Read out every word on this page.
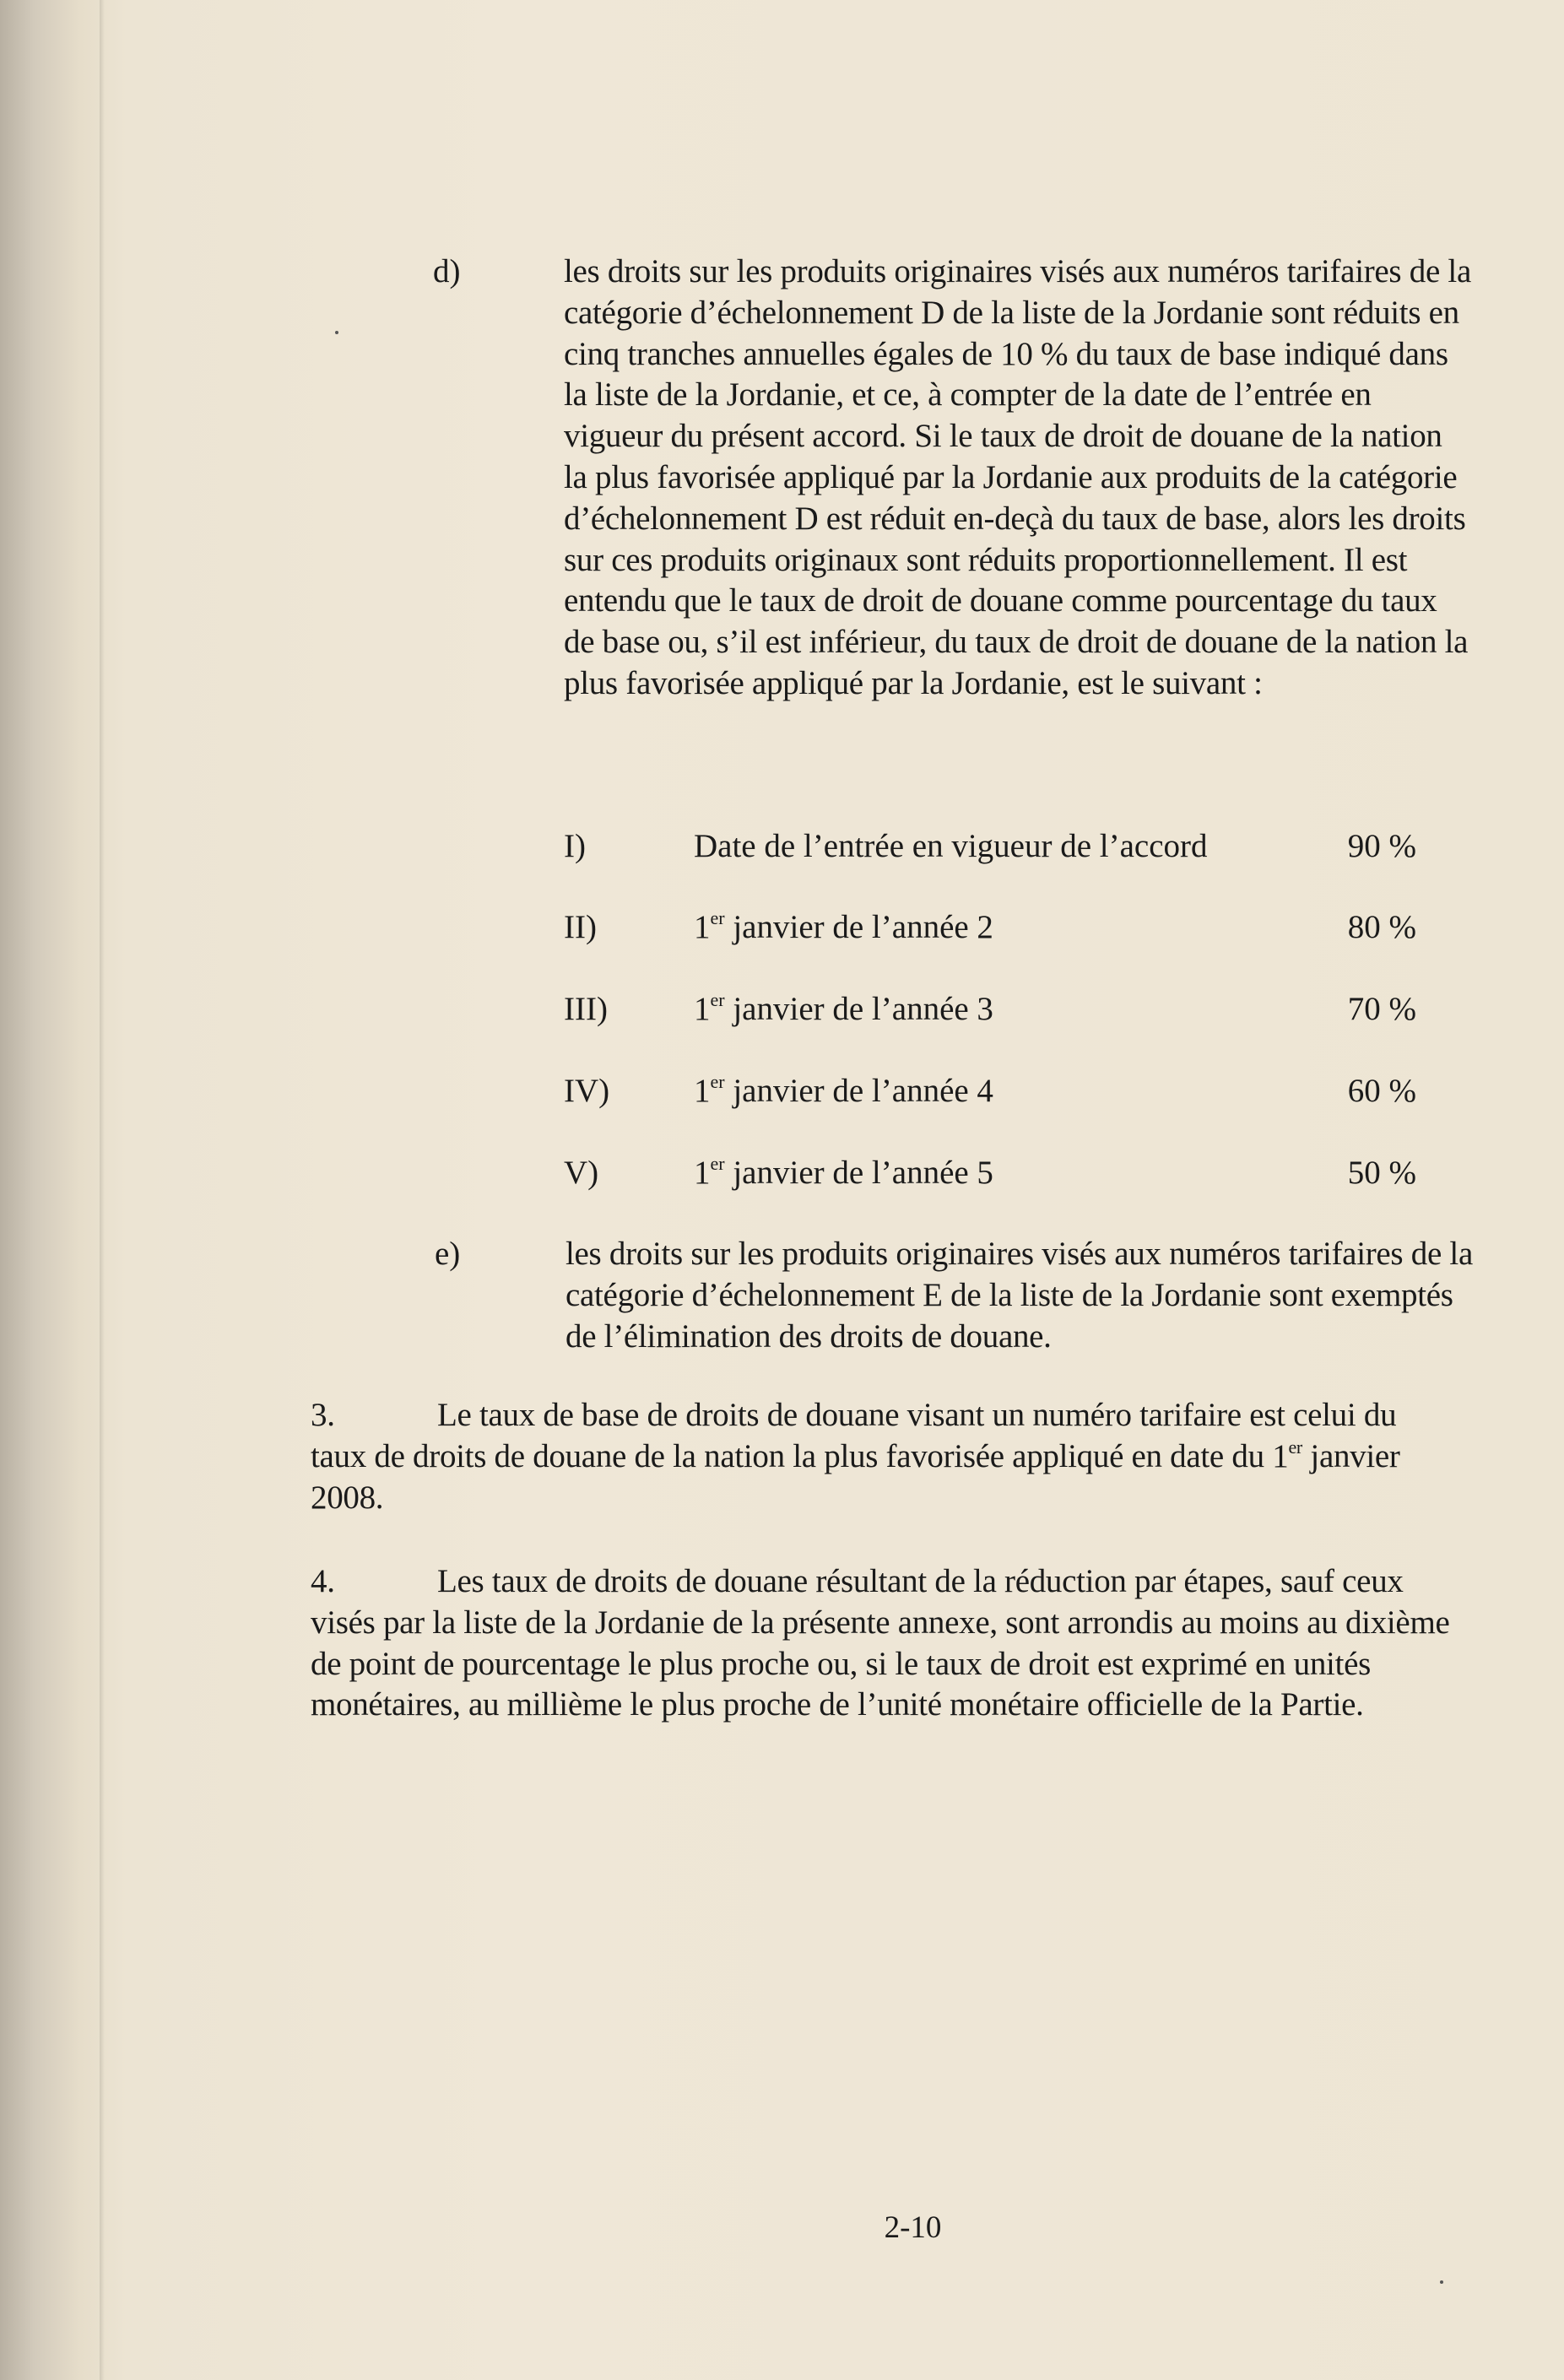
d)	les droits sur les produits originaires visés aux numéros tarifaires de la catégorie d’échelonnement D de la liste de la Jordanie sont réduits en cinq tranches annuelles égales de 10 % du taux de base indiqué dans la liste de la Jordanie, et ce, à compter de la date de l’entrée en vigueur du présent accord. Si le taux de droit de douane de la nation la plus favorisée appliqué par la Jordanie aux produits de la catégorie d’échelonnement D est réduit en-deçà du taux de base, alors les droits sur ces produits originaux sont réduits proportionnellement. Il est entendu que le taux de droit de douane comme pourcentage du taux de base ou, s’il est inférieur, du taux de droit de douane de la nation la plus favorisée appliqué par la Jordanie, est le suivant :
I)	Date de l’entrée en vigueur de l’accord	90 %
II)	1er janvier de l’année 2	80 %
III)	1er janvier de l’année 3	70 %
IV)	1er janvier de l’année 4	60 %
V)	1er janvier de l’année 5	50 %
e)	les droits sur les produits originaires visés aux numéros tarifaires de la catégorie d’échelonnement E de la liste de la Jordanie sont exemptés de l’élimination des droits de douane.
3.	Le taux de base de droits de douane visant un numéro tarifaire est celui du taux de droits de douane de la nation la plus favorisée appliqué en date du 1er janvier 2008.
4.	Les taux de droits de douane résultant de la réduction par étapes, sauf ceux visés par la liste de la Jordanie de la présente annexe, sont arrondis au moins au dixième de point de pourcentage le plus proche ou, si le taux de droit est exprimé en unités monétaires, au millième le plus proche de l’unité monétaire officielle de la Partie.
2-10
